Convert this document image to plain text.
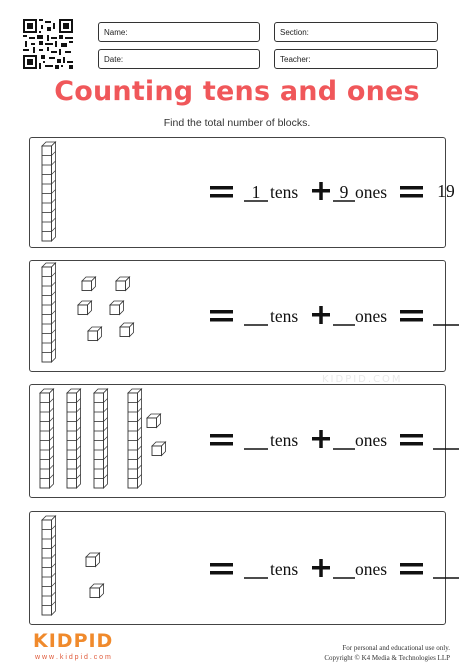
Name:	Section:
Date:	Teacher:
Counting tens and ones
Find the total number of blocks.
KIDPID.COM
1 tens 9 ones	19
tens	ones
tens	ones
tens	ones
KIDPID
w w w . k i d p i d . c o m
For personal and educational use only.
Copyright © K4 Media & Technologies LLP
